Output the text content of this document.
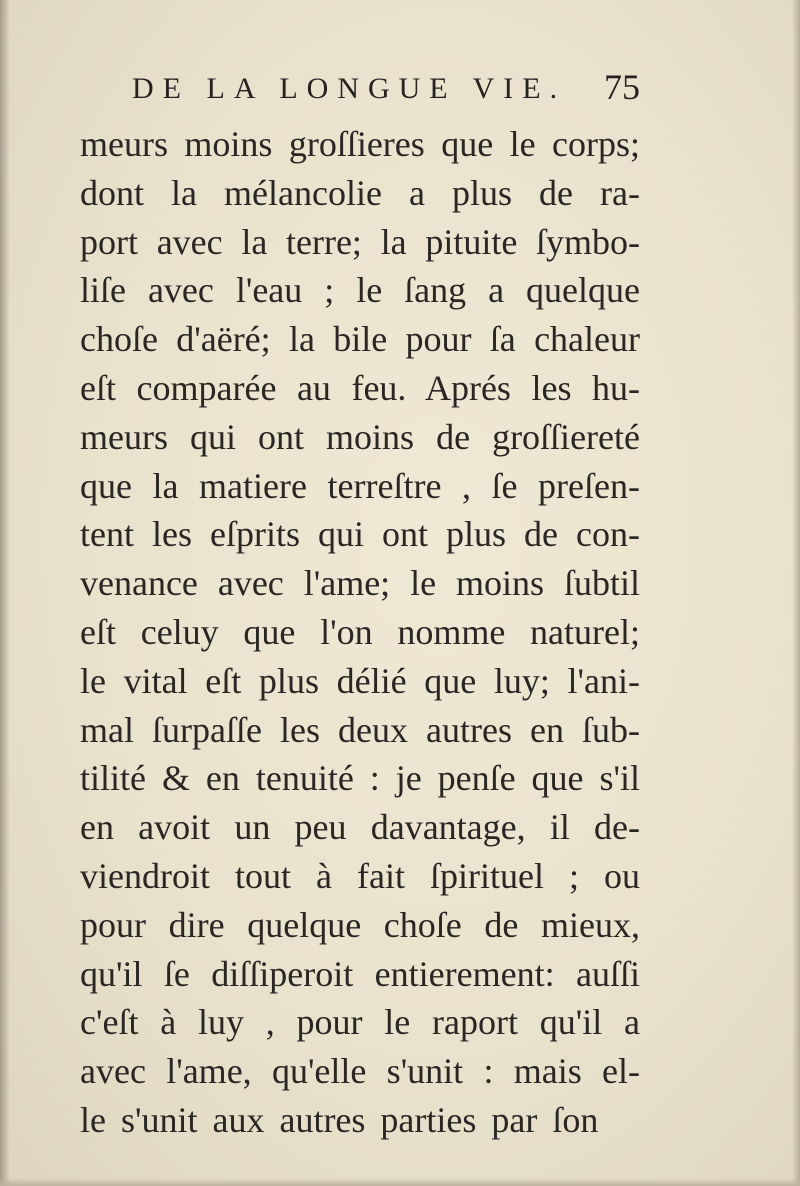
DE LA LONGUE VIE. 75
meurs moins groſſieres que le corps;
dont la mélancolie a plus de ra-
port avec la terre; la pituite ſymbo-
liſe avec l'eau ; le ſang a quelque
choſe d'aëré; la bile pour ſa chaleur
eſt comparée au feu. Aprés les hu-
meurs qui ont moins de groſſiereté
que la matiere terreſtre , ſe preſen-
tent les eſprits qui ont plus de con-
venance avec l'ame; le moins ſubtil
eſt celuy que l'on nomme naturel;
le vital eſt plus délié que luy; l'ani-
mal ſurpaſſe les deux autres en ſub-
tilité & en tenuité : je penſe que s'il
en avoit un peu davantage, il de-
viendroit tout à fait ſpirituel ; ou
pour dire quelque choſe de mieux,
qu'il ſe diſſiperoit entierement: auſſi
c'eſt à luy , pour le raport qu'il a
avec l'ame, qu'elle s'unit : mais el-
le s'unit aux autres parties par ſon
